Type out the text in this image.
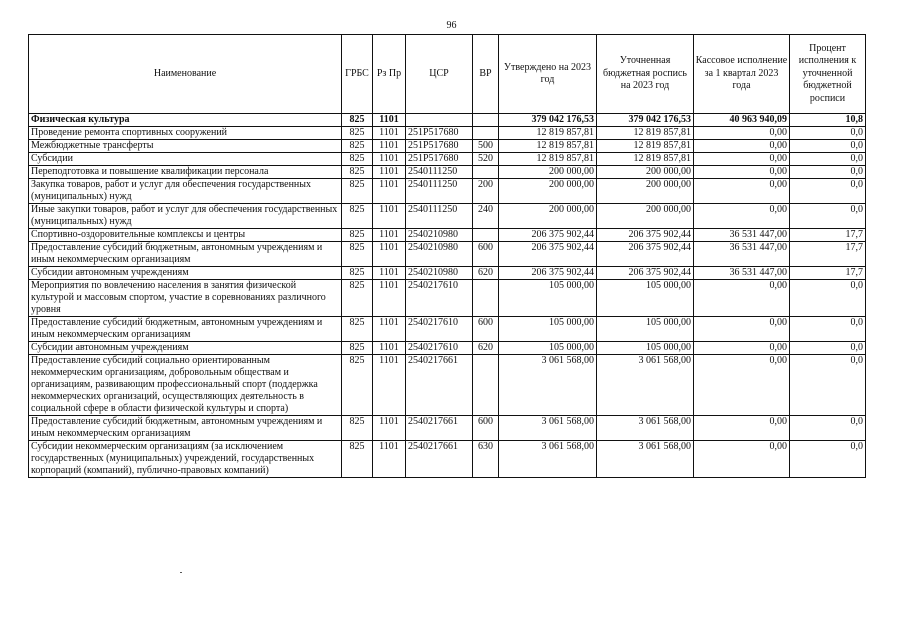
96
Наименование	ГРБС	Рз Пр	ЦСР	ВР	Утверждено на 2023 год	Уточненная бюджетная роспись на 2023 год	Кассовое исполнение за 1 квартал 2023 года	Процент исполнения к уточненной бюджетной росписи
Физическая культура	825	1101			379 042 176,53	379 042 176,53	40 963 940,09	10,8
Проведение ремонта спортивных сооружений	825	1101	251P517680		12 819 857,81	12 819 857,81	0,00	0,0
Межбюджетные трансферты	825	1101	251P517680	500	12 819 857,81	12 819 857,81	0,00	0,0
Субсидии	825	1101	251P517680	520	12 819 857,81	12 819 857,81	0,00	0,0
Переподготовка и повышение квалификации персонала	825	1101	2540111250		200 000,00	200 000,00	0,00	0,0
Закупка товаров, работ и услуг для обеспечения государственных (муниципальных) нужд	825	1101	2540111250	200	200 000,00	200 000,00	0,00	0,0
Иные закупки товаров, работ и услуг для обеспечения государственных (муниципальных) нужд	825	1101	2540111250	240	200 000,00	200 000,00	0,00	0,0
Спортивно-оздоровительные комплексы и центры	825	1101	2540210980		206 375 902,44	206 375 902,44	36 531 447,00	17,7
Предоставление субсидий бюджетным, автономным учреждениям и иным некоммерческим организациям	825	1101	2540210980	600	206 375 902,44	206 375 902,44	36 531 447,00	17,7
Субсидии автономным учреждениям	825	1101	2540210980	620	206 375 902,44	206 375 902,44	36 531 447,00	17,7
Мероприятия по вовлечению населения в занятия физической культурой и массовым спортом, участие в соревнованиях различного уровня	825	1101	2540217610		105 000,00	105 000,00	0,00	0,0
Предоставление субсидий бюджетным, автономным учреждениям и иным некоммерческим организациям	825	1101	2540217610	600	105 000,00	105 000,00	0,00	0,0
Субсидии автономным учреждениям	825	1101	2540217610	620	105 000,00	105 000,00	0,00	0,0
Предоставление субсидий социально ориентированным некоммерческим организациям, добровольным обществам и организациям, развивающим профессиональный спорт (поддержка некоммерческих организаций, осуществляющих деятельность в социальной сфере в области физической культуры и спорта)	825	1101	2540217661		3 061 568,00	3 061 568,00	0,00	0,0
Предоставление субсидий бюджетным, автономным учреждениям и иным некоммерческим организациям	825	1101	2540217661	600	3 061 568,00	3 061 568,00	0,00	0,0
Субсидии некоммерческим организациям (за исключением государственных (муниципальных) учреждений, государственных корпораций (компаний), публично-правовых компаний)	825	1101	2540217661	630	3 061 568,00	3 061 568,00	0,00	0,0
